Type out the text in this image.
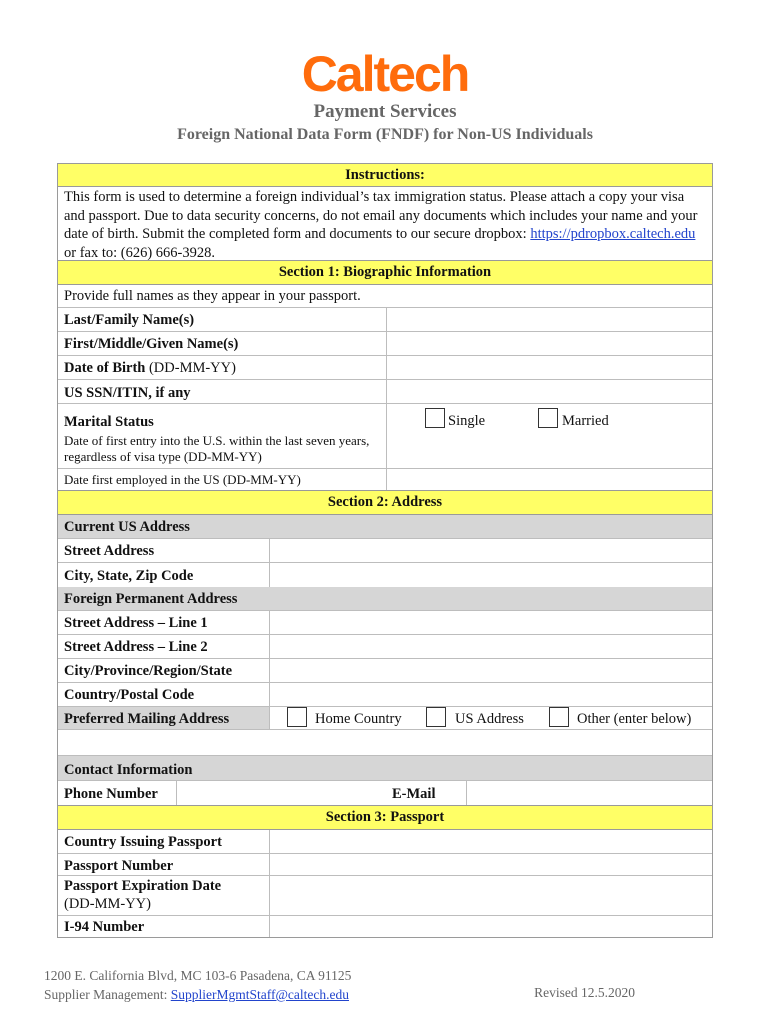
Caltech
Payment Services
Foreign National Data Form (FNDF) for Non-US Individuals
Instructions:
This form is used to determine a foreign individual’s tax immigration status. Please attach a copy your visa and passport. Due to data security concerns, do not email any documents which includes your name and your date of birth. Submit the completed form and documents to our secure dropbox: https://pdropbox.caltech.edu or fax to: (626) 666-3928.
Section 1: Biographic Information
Provide full names as they appear in your passport.
Last/Family Name(s)
First/Middle/Given Name(s)
Date of Birth (DD-MM-YY)
US SSN/ITIN, if any
Marital Status	Single	Married
Date of first entry into the U.S. within the last seven years, regardless of visa type (DD-MM-YY)
Date first employed in the US (DD-MM-YY)
Section 2: Address
Current US Address
Street Address
City, State, Zip Code
Foreign Permanent Address
Street Address – Line 1
Street Address – Line 2
City/Province/Region/State
Country/Postal Code
Preferred Mailing Address	Home Country	US Address	Other (enter below)
Contact Information
Phone Number	E-Mail
Section 3: Passport
Country Issuing Passport
Passport Number
Passport Expiration Date
(DD-MM-YY)
I-94 Number
1200 E. California Blvd, MC 103-6 Pasadena, CA 91125
Supplier Management: SupplierMgmtStaff@caltech.edu	Revised 12.5.2020
